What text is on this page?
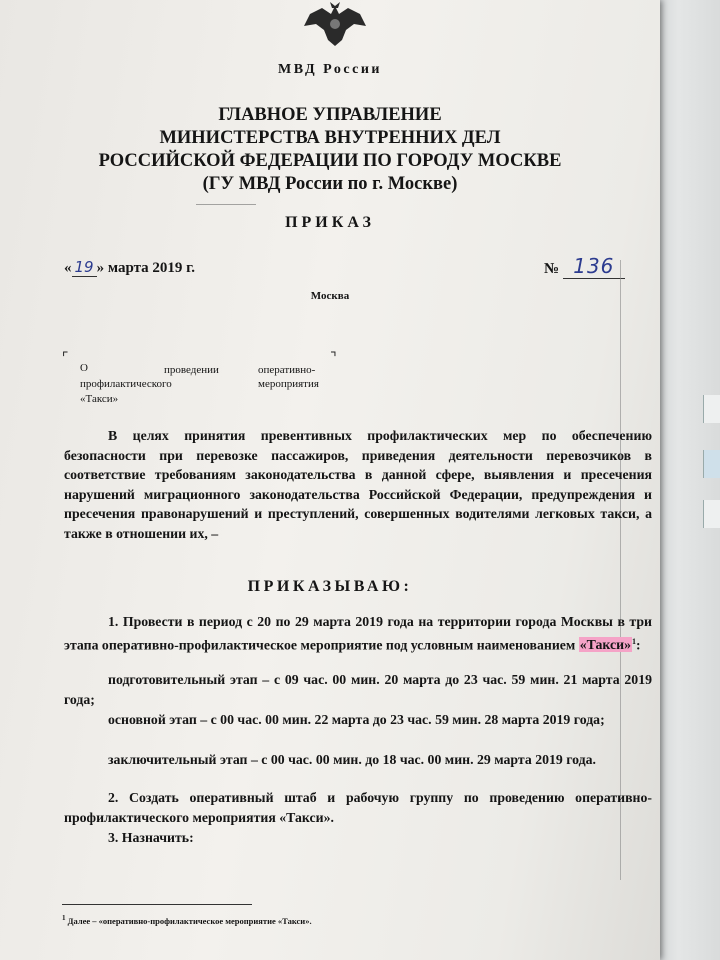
МВД России
ГЛАВНОЕ УПРАВЛЕНИЕ
МИНИСТЕРСТВА ВНУТРЕННИХ ДЕЛ
РОССИЙСКОЙ ФЕДЕРАЦИИ ПО ГОРОДУ МОСКВЕ
(ГУ МВД России по г. Москве)
ПРИКАЗ
« 19 » марта 2019 г.	№ 136
Москва
⌜	⌝
О	проведении	оперативно-
профилактического	мероприятия
«Такси»

В целях принятия превентивных профилактических мер по обеспечению безопасности при перевозке пассажиров, приведения деятельности перевозчиков в соответствие требованиям законодательства в данной сфере, выявления и пресечения нарушений миграционного законодательства Российской Федерации, предупреждения и пресечения правонарушений и преступлений, совершенных водителями легковых такси, а также в отношении их, –

ПРИКАЗЫВАЮ:

1. Провести в период с 20 по 29 марта 2019 года на территории города Москвы в три этапа оперативно-профилактическое мероприятие под условным наименованием «Такси»$^1$:

подготовительный этап – с 09 час. 00 мин. 20 марта до 23 час. 59 мин. 21 марта 2019 года;

основной этап – с 00 час. 00 мин. 22 марта до 23 час. 59 мин. 28 марта 2019 года;

заключительный этап – с 00 час. 00 мин. до 18 час. 00 мин. 29 марта 2019 года.

2. Создать оперативный штаб и рабочую группу по проведению оперативно-профилактического мероприятия «Такси».

3. Назначить:

$^1$ Далее – «оперативно-профилактическое мероприятие «Такси».
